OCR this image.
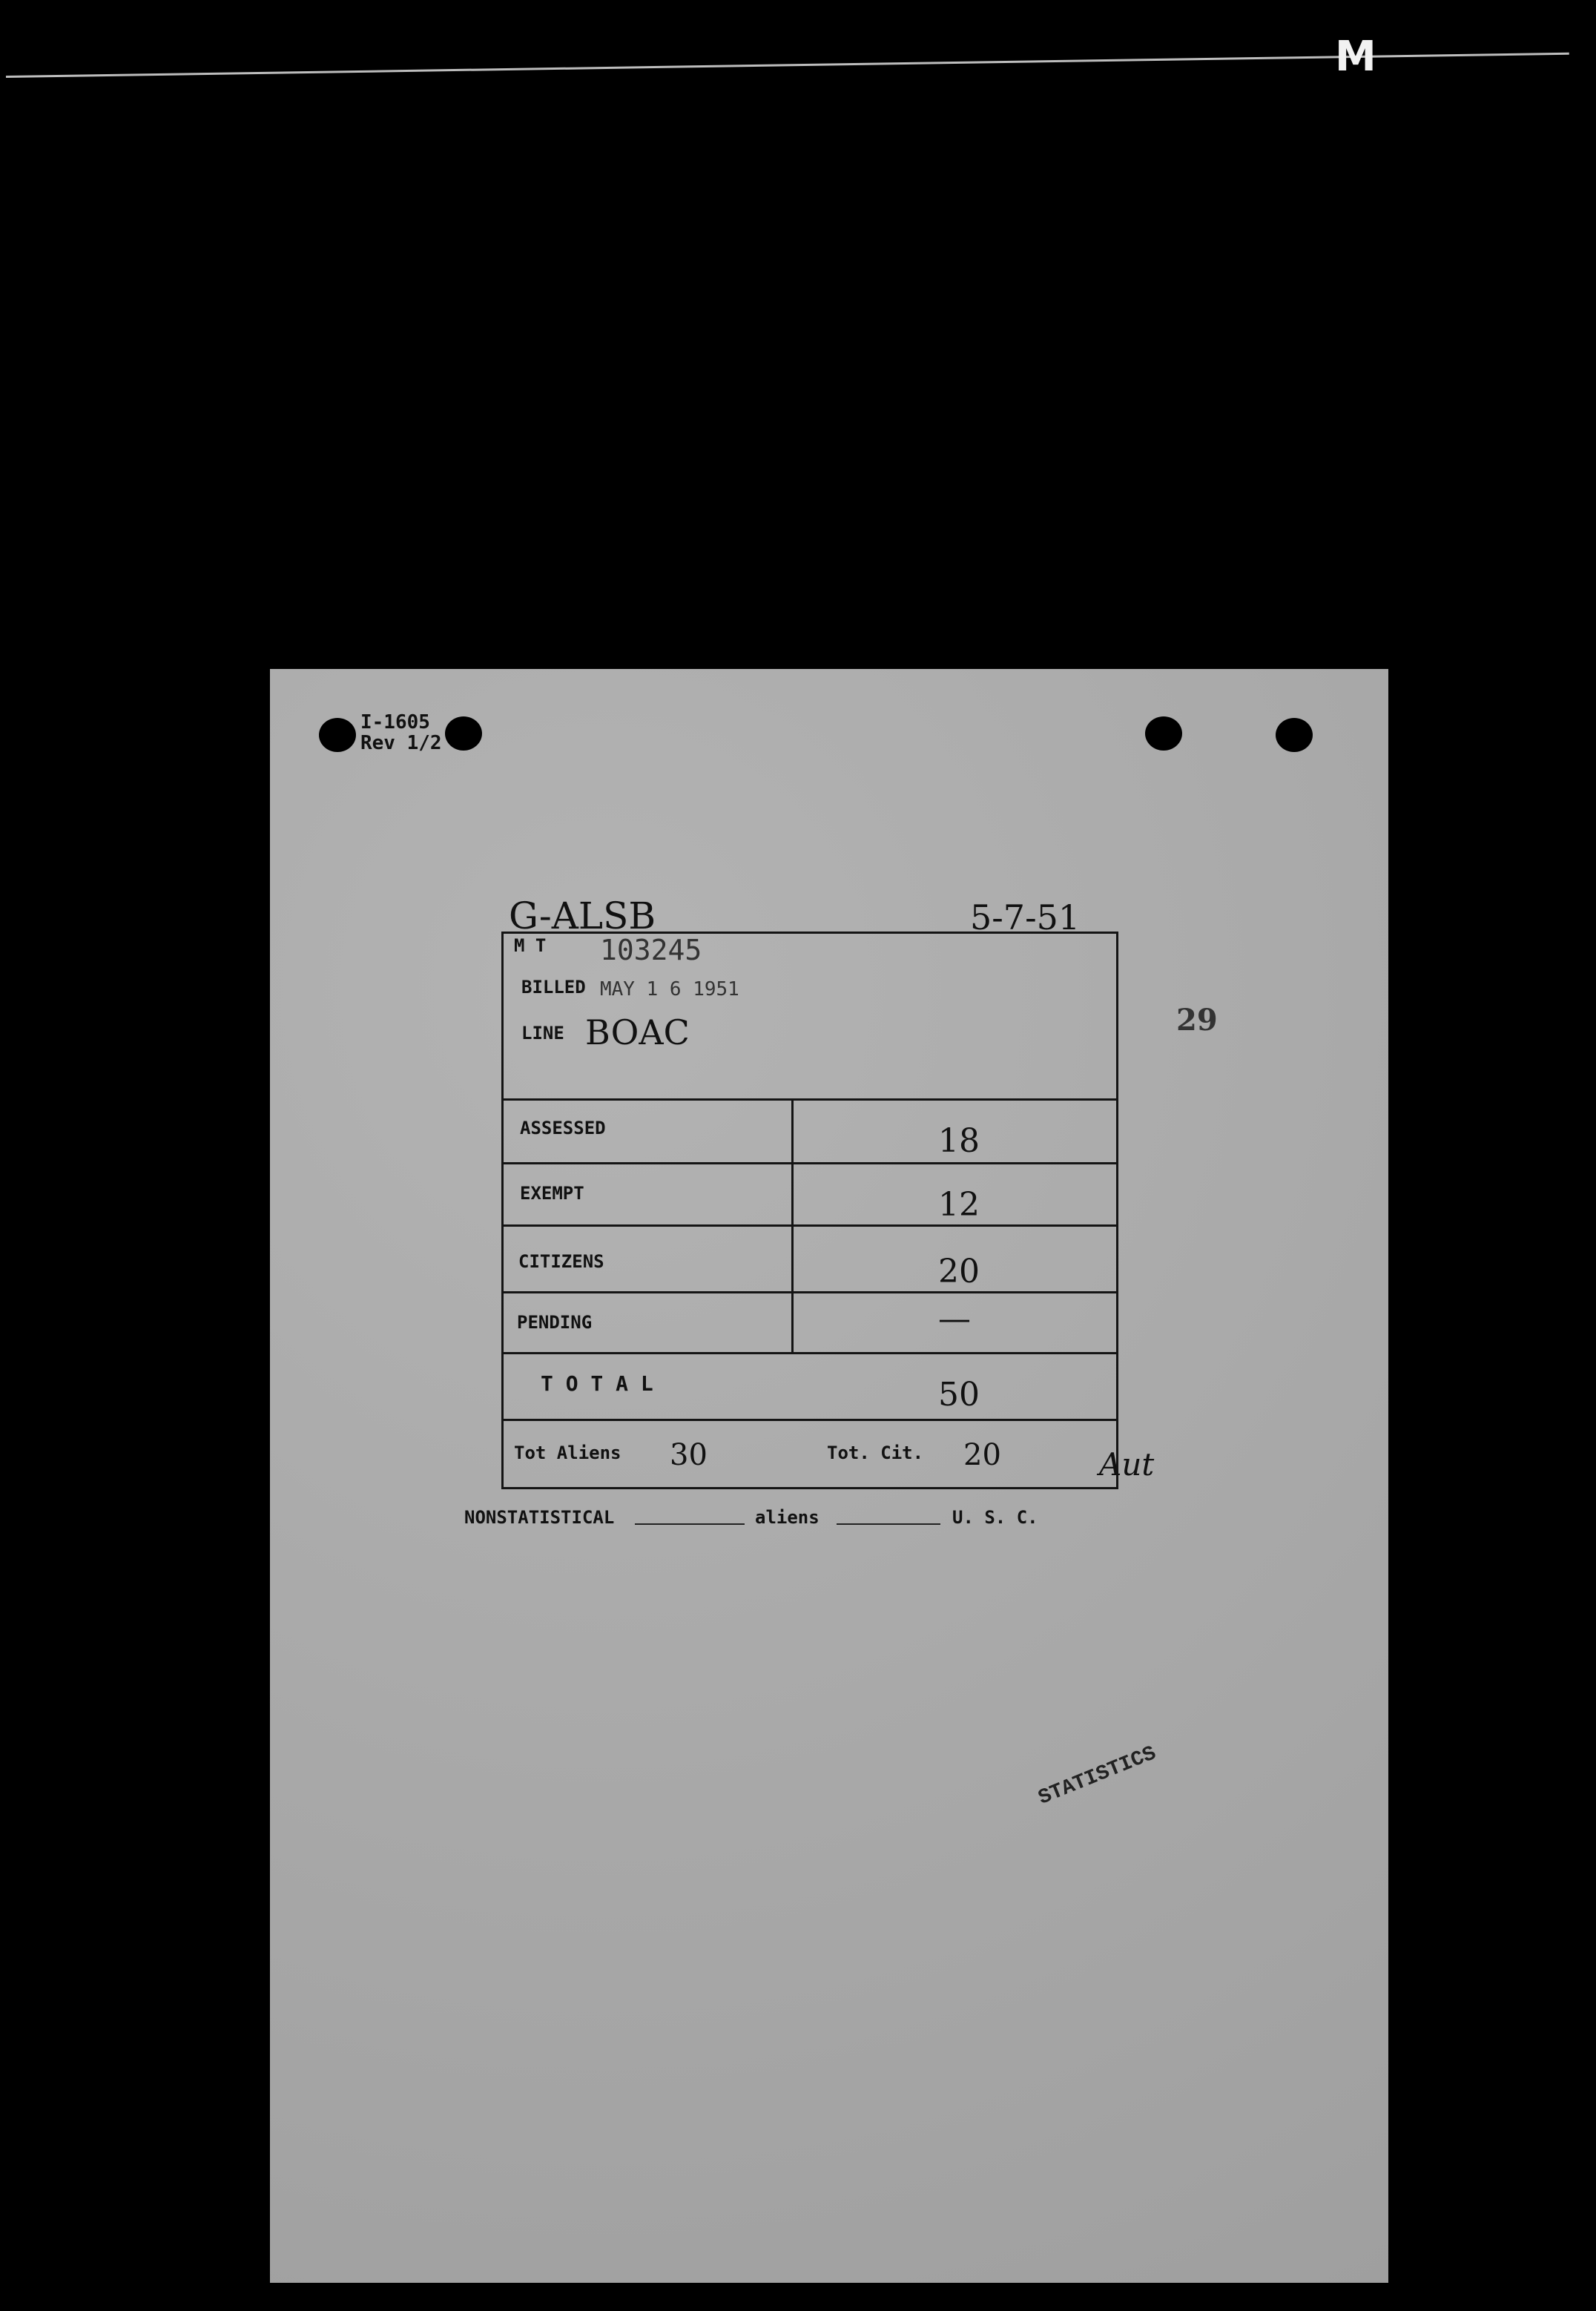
M
I-1605
Rev 1/2
G-ALSB	5-7-51
29
M T 103245
BILLED MAY 1 6 1951
LINE BOAC
ASSESSED	18
EXEMPT	12
CITIZENS	20
PENDING	—
T O T A L	50
Tot Aliens 30	Tot. Cit. 20	Aut
NONSTATISTICAL	aliens	U. S. C.
STATISTICS
